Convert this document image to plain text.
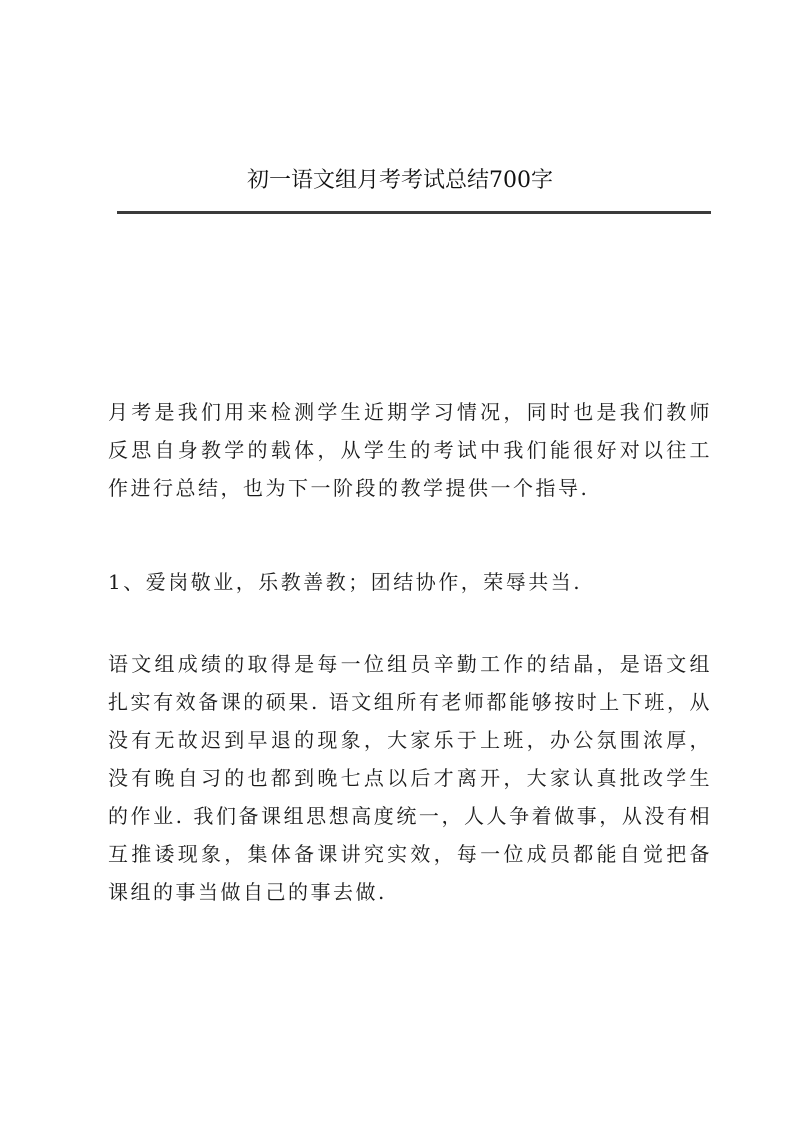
初一语文组月考考试总结700字

月考是我们用来检测学生近期学习情况，同时也是我们教师反思自身教学的载体，从学生的考试中我们能很好对以往工作进行总结，也为下一阶段的教学提供一个指导.

1、爱岗敬业，乐教善教；团结协作，荣辱共当.

语文组成绩的取得是每一位组员辛勤工作的结晶，是语文组扎实有效备课的硕果. 语文组所有老师都能够按时上下班，从没有无故迟到早退的现象，大家乐于上班，办公氛围浓厚，没有晚自习的也都到晚七点以后才离开，大家认真批改学生的作业. 我们备课组思想高度统一，人人争着做事，从没有相互推诿现象，集体备课讲究实效，每一位成员都能自觉把备课组的事当做自己的事去做.
